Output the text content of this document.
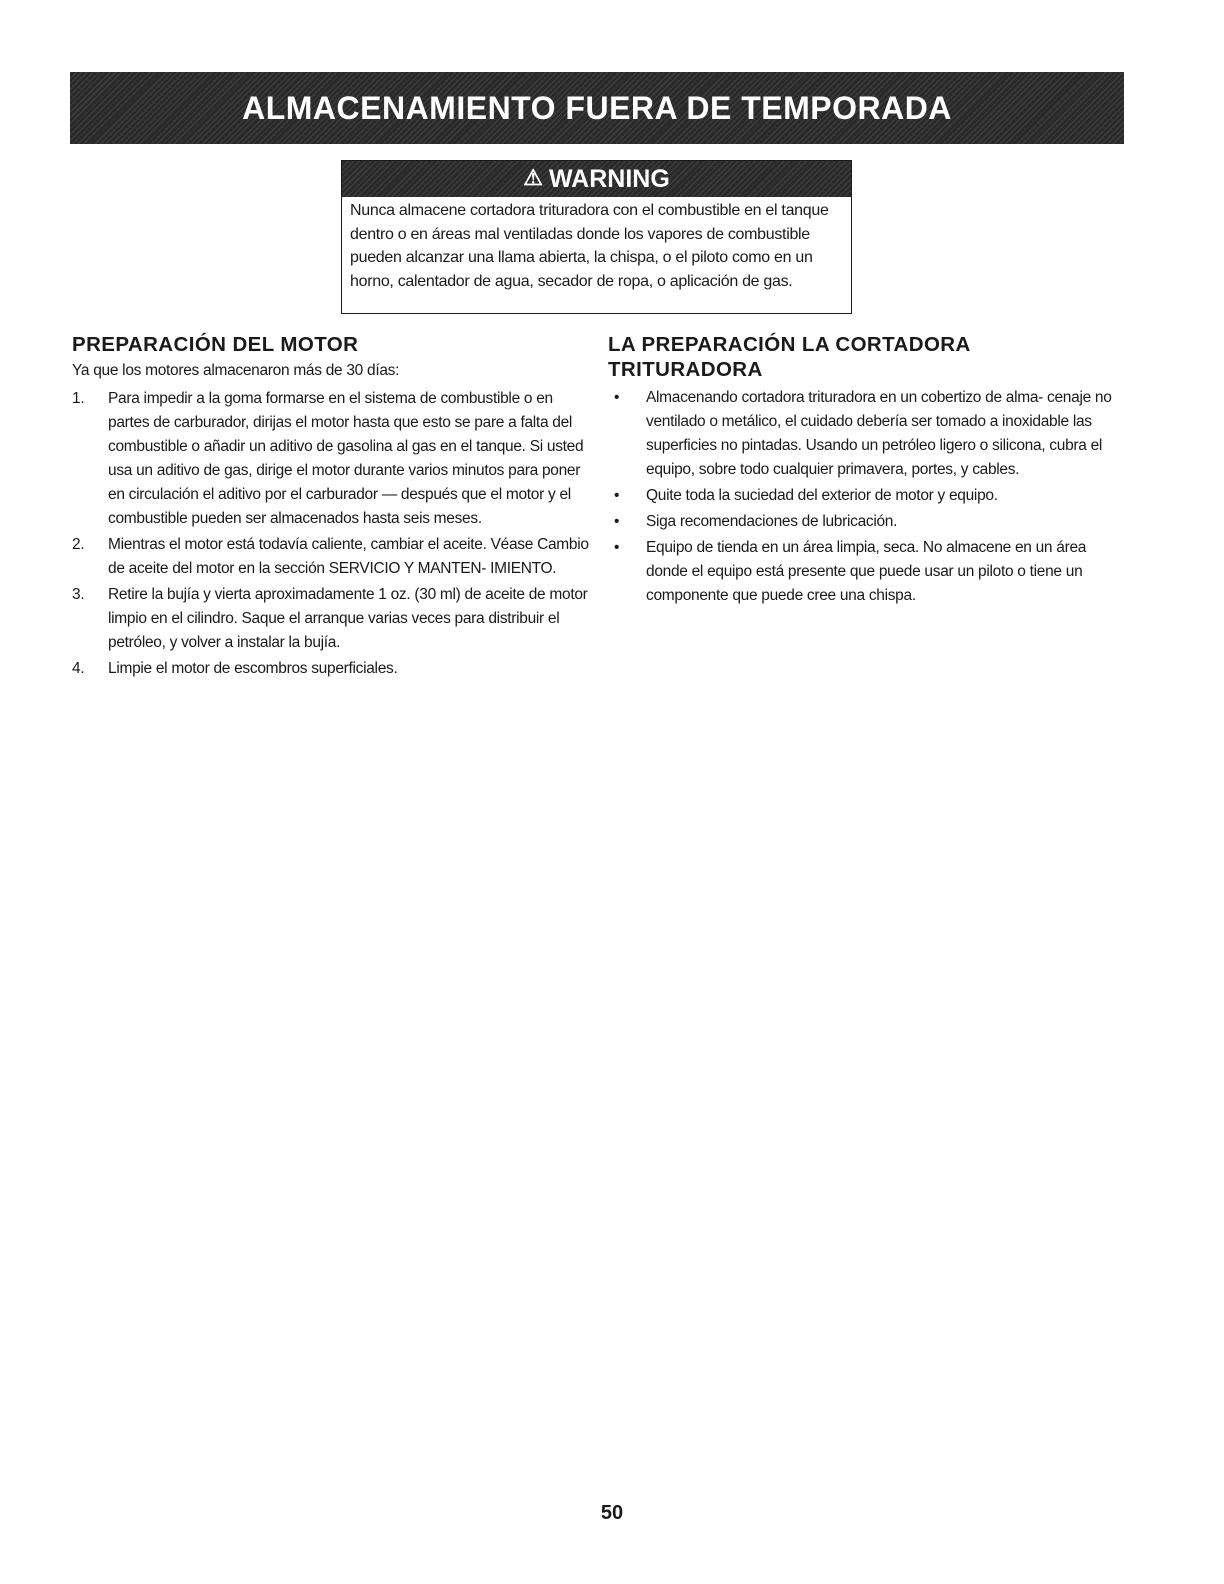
ALMACENAMIENTO FUERA DE TEMPORADA
⚠ WARNING
Nunca almacene cortadora trituradora con el combustible en el tanque dentro o en áreas mal ventiladas donde los vapores de combustible pueden alcanzar una llama abierta, la chispa, o el piloto como en un horno, calentador de agua, secador de ropa, o aplicación de gas.
PREPARACIÓN DEL MOTOR
Ya que los motores almacenaron más de 30 días:
1.	Para impedir a la goma formarse en el sistema de combustible o en partes de carburador, dirijas el motor hasta que esto se pare a falta del combustible o añadir un aditivo de gasolina al gas en el tanque. Si usted usa un aditivo de gas, dirige el motor durante varios minutos para poner en circulación el aditivo por el carburador — después que el motor y el combustible pueden ser almacenados hasta seis meses.
2.	Mientras el motor está todavía caliente, cambiar el aceite. Véase Cambio de aceite del motor en la sección SERVICIO Y MANTEN- IMIENTO.
3.	Retire la bujía y vierta aproximadamente 1 oz. (30 ml) de aceite de motor limpio en el cilindro. Saque el arranque varias veces para distribuir el petróleo, y volver a instalar la bujía.
4.	Limpie el motor de escombros superficiales.
LA PREPARACIÓN LA CORTADORA TRITURADORA
•	Almacenando cortadora trituradora en un cobertizo de alma- cenaje no ventilado o metálico, el cuidado debería ser tomado a inoxidable las superficies no pintadas. Usando un petróleo ligero o silicona, cubra el equipo, sobre todo cualquier primavera, portes, y cables.
•	Quite toda la suciedad del exterior de motor y equipo.
•	Siga recomendaciones de lubricación.
•	Equipo de tienda en un área limpia, seca. No almacene en un área donde el equipo está presente que puede usar un piloto o tiene un componente que puede cree una chispa.
50
